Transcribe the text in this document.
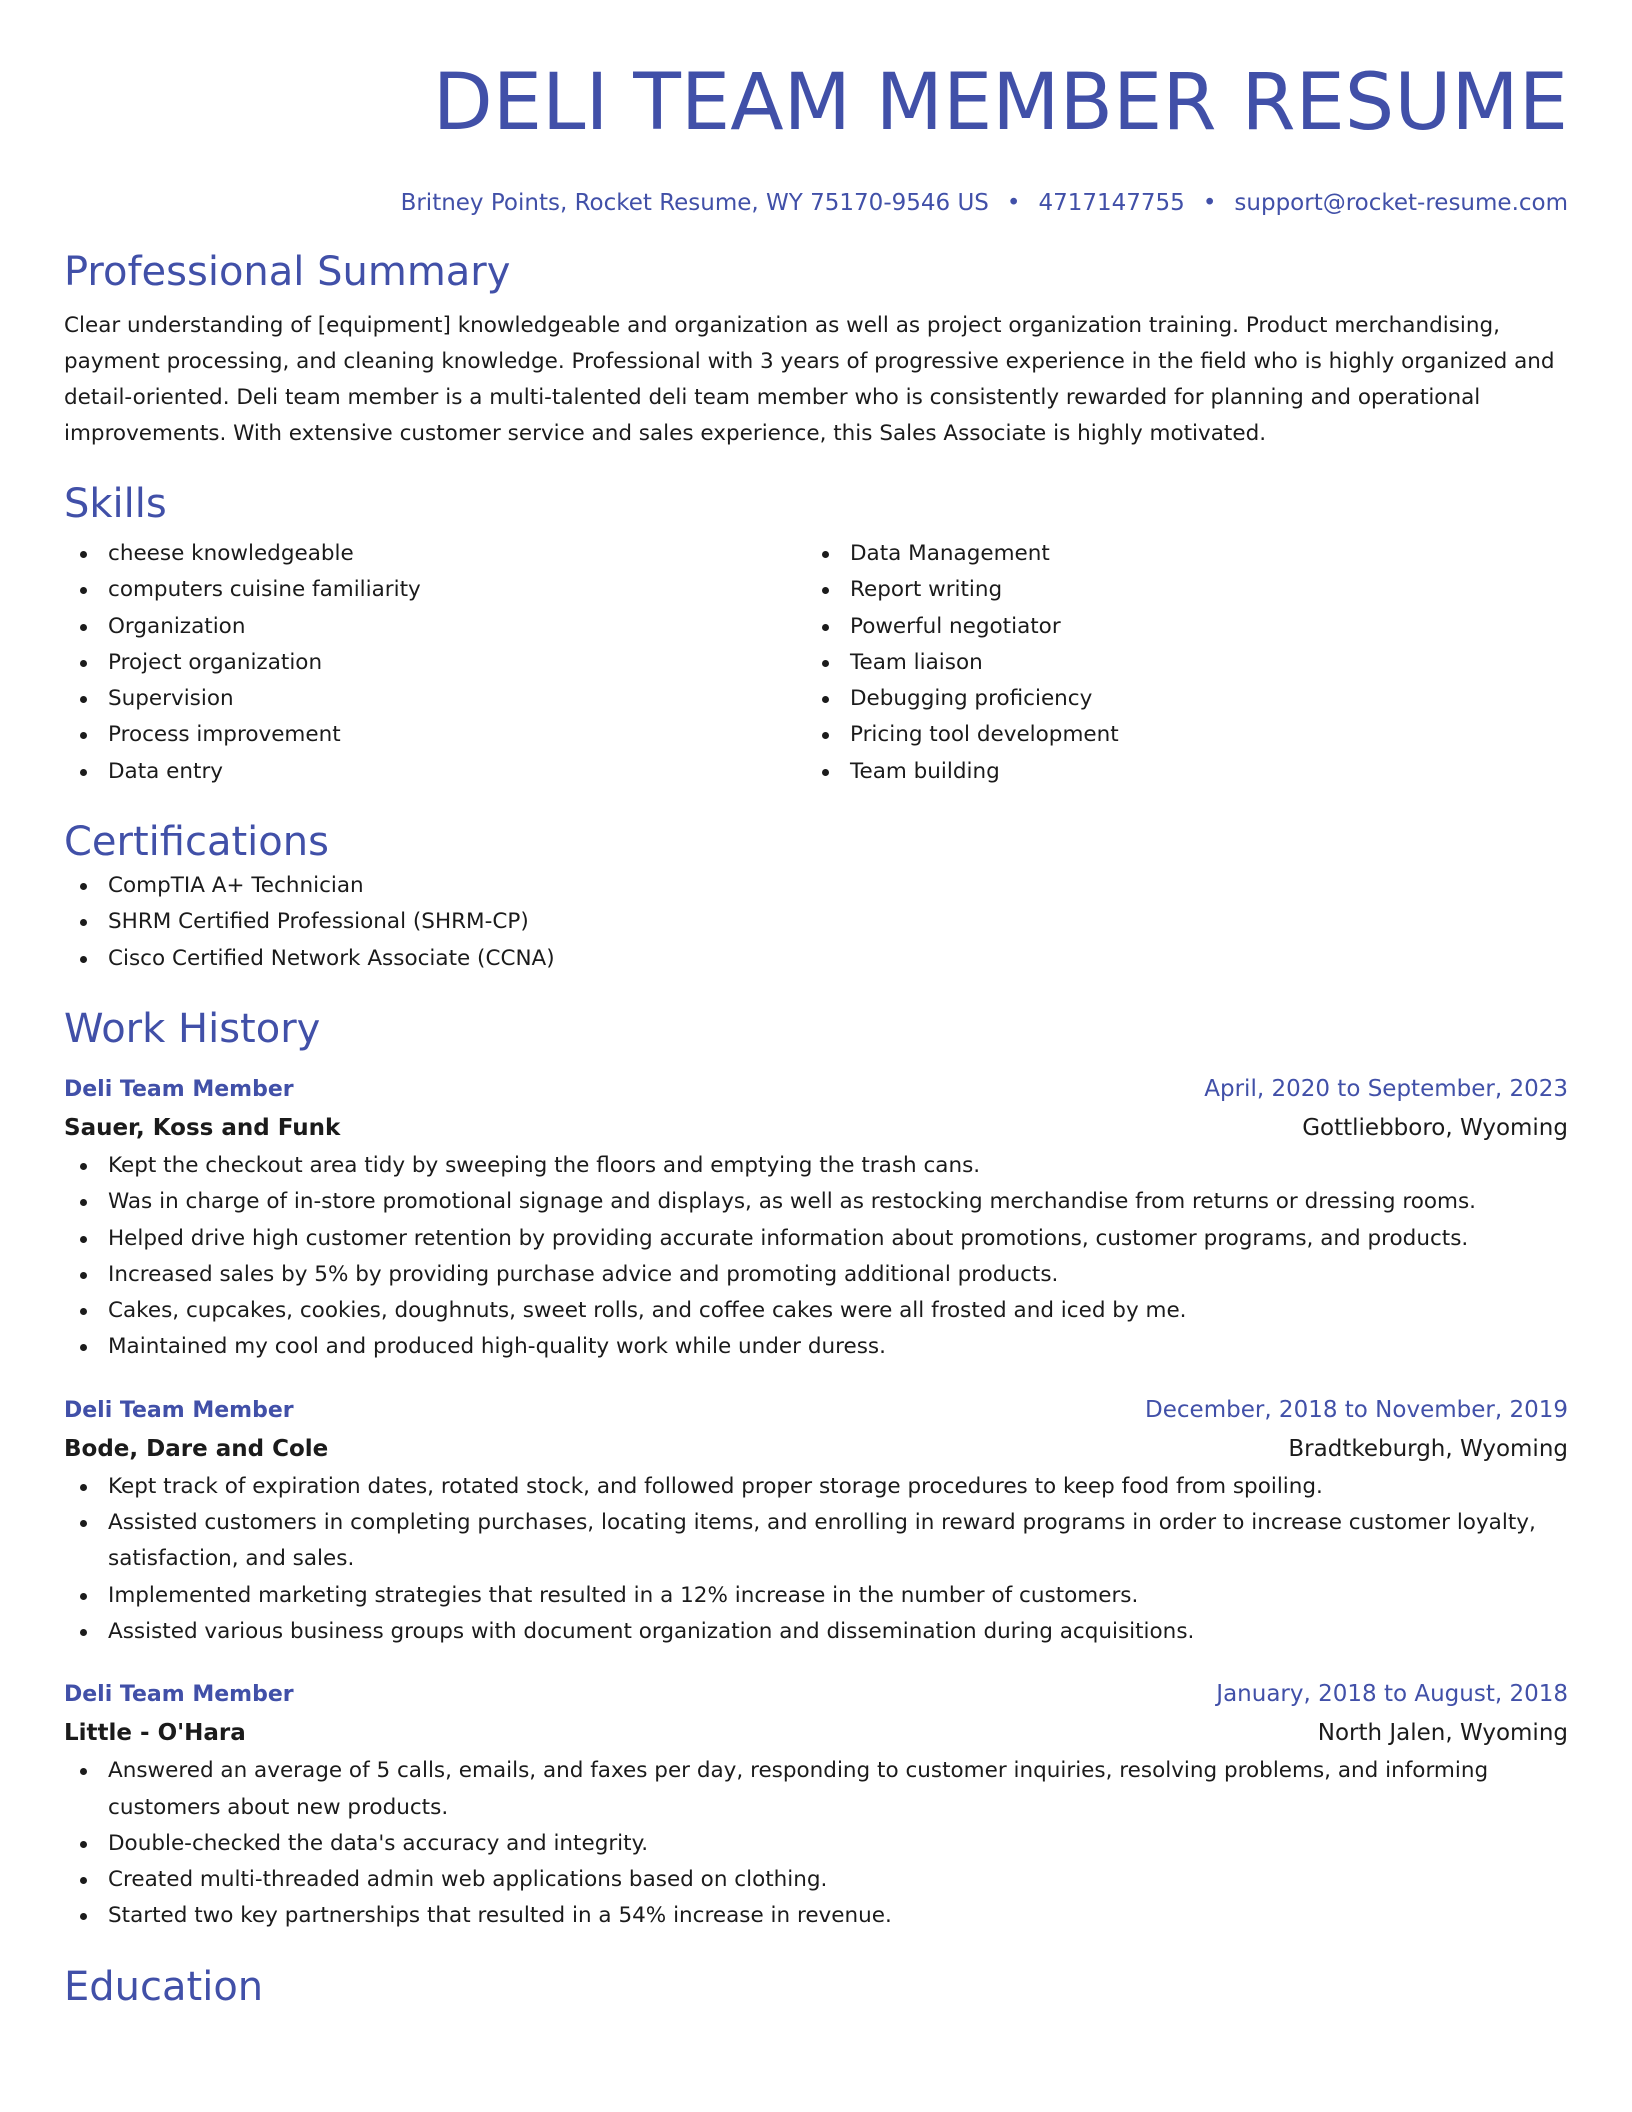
DELI TEAM MEMBER RESUME
Britney Points, Rocket Resume, WY 75170-9546 US • 4717147755 • support@rocket-resume.com
Professional Summary
Clear understanding of [equipment] knowledgeable and organization as well as project organization training. Product merchandising, payment processing, and cleaning knowledge. Professional with 3 years of progressive experience in the field who is highly organized and detail-oriented. Deli team member is a multi-talented deli team member who is consistently rewarded for planning and operational improvements. With extensive customer service and sales experience, this Sales Associate is highly motivated.
Skills
cheese knowledgeable
computers cuisine familiarity
Organization
Project organization
Supervision
Process improvement
Data entry
Data Management
Report writing
Powerful negotiator
Team liaison
Debugging proficiency
Pricing tool development
Team building
Certifications
CompTIA A+ Technician
SHRM Certified Professional (SHRM-CP)
Cisco Certified Network Associate (CCNA)
Work History
Deli Team Member	April, 2020 to September, 2023
Sauer, Koss and Funk	Gottliebboro, Wyoming
Kept the checkout area tidy by sweeping the floors and emptying the trash cans.
Was in charge of in-store promotional signage and displays, as well as restocking merchandise from returns or dressing rooms.
Helped drive high customer retention by providing accurate information about promotions, customer programs, and products.
Increased sales by 5% by providing purchase advice and promoting additional products.
Cakes, cupcakes, cookies, doughnuts, sweet rolls, and coffee cakes were all frosted and iced by me.
Maintained my cool and produced high-quality work while under duress.
Deli Team Member	December, 2018 to November, 2019
Bode, Dare and Cole	Bradtkeburgh, Wyoming
Kept track of expiration dates, rotated stock, and followed proper storage procedures to keep food from spoiling.
Assisted customers in completing purchases, locating items, and enrolling in reward programs in order to increase customer loyalty, satisfaction, and sales.
Implemented marketing strategies that resulted in a 12% increase in the number of customers.
Assisted various business groups with document organization and dissemination during acquisitions.
Deli Team Member	January, 2018 to August, 2018
Little - O'Hara	North Jalen, Wyoming
Answered an average of 5 calls, emails, and faxes per day, responding to customer inquiries, resolving problems, and informing customers about new products.
Double-checked the data's accuracy and integrity.
Created multi-threaded admin web applications based on clothing.
Started two key partnerships that resulted in a 54% increase in revenue.
Education
